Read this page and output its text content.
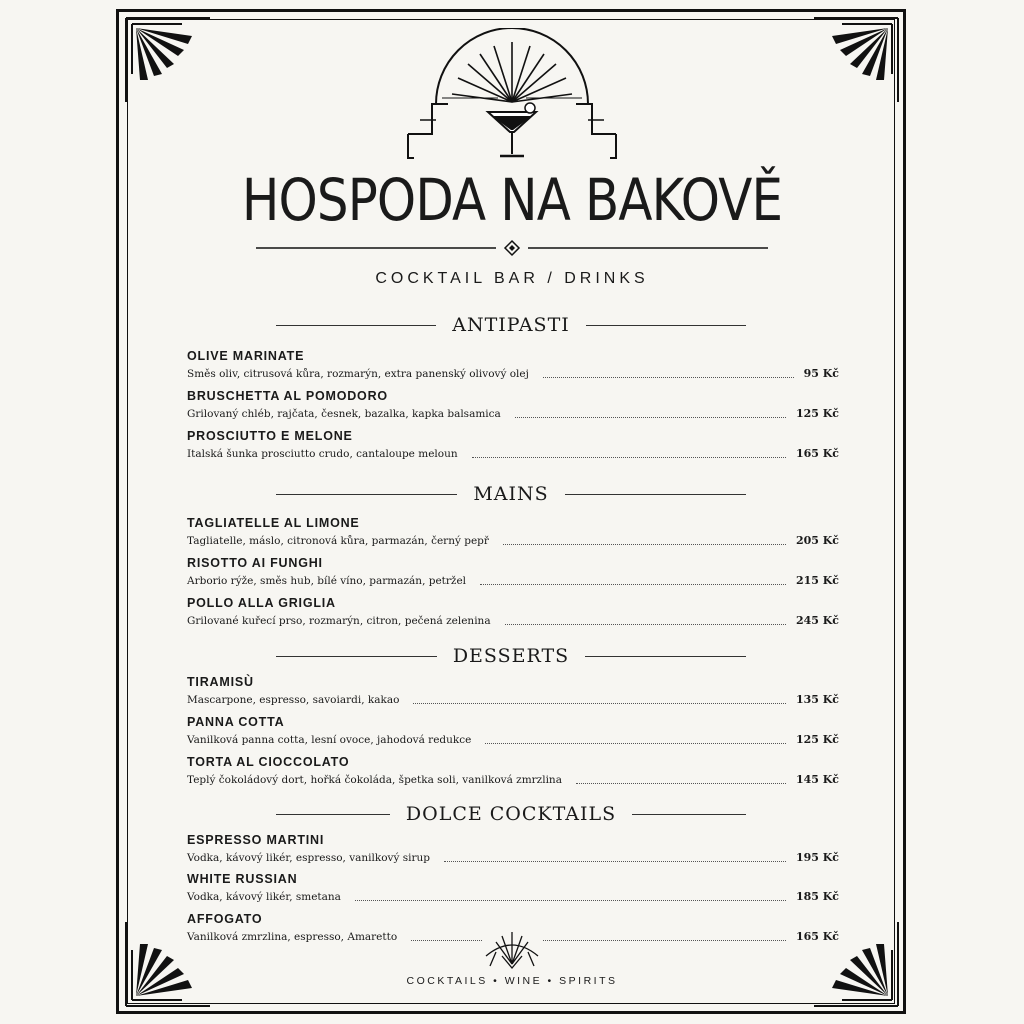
HOSPODA NA BAKOVĚ
COCKTAIL BAR / DRINKS
ANTIPASTI
OLIVE MARINATE
Směs oliv, citrusová kůra, rozmarýn, extra panenský olivový olej	95 Kč
BRUSCHETTA AL POMODORO
Grilovaný chléb, rajčata, česnek, bazalka, kapka balsamica	125 Kč
PROSCIUTTO E MELONE
Italská šunka prosciutto crudo, cantaloupe meloun	165 Kč
MAINS
TAGLIATELLE AL LIMONE
Tagliatelle, máslo, citronová kůra, parmazán, černý pepř	205 Kč
RISOTTO AI FUNGHI
Arborio rýže, směs hub, bílé víno, parmazán, petržel	215 Kč
POLLO ALLA GRIGLIA
Grilované kuřecí prso, rozmarýn, citron, pečená zelenina	245 Kč
DESSERTS
TIRAMISÙ
Mascarpone, espresso, savoiardi, kakao	135 Kč
PANNA COTTA
Vanilková panna cotta, lesní ovoce, jahodová redukce	125 Kč
TORTA AL CIOCCOLATO
Teplý čokoládový dort, hořká čokoláda, špetka soli, vanilková zmrzlina	145 Kč
DOLCE COCKTAILS
ESPRESSO MARTINI
Vodka, kávový likér, espresso, vanilkový sirup	195 Kč
WHITE RUSSIAN
Vodka, kávový likér, smetana	185 Kč
AFFOGATO
Vanilková zmrzlina, espresso, Amaretto	165 Kč
COCKTAILS • WINE • SPIRITS
